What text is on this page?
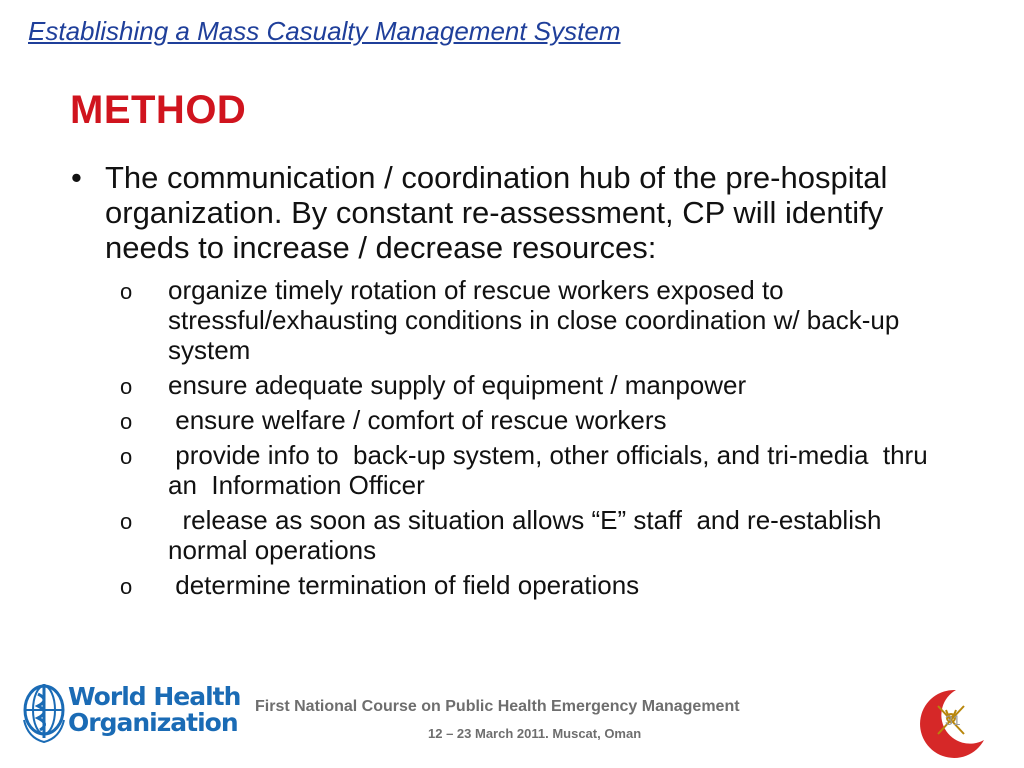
Establishing a Mass Casualty Management System
METHOD
• The communication / coordination hub of the pre-hospital organization. By constant re-assessment, CP will identify needs to increase / decrease resources:
o organize timely rotation of rescue workers exposed to stressful/exhausting conditions in close coordination w/ back-up system
o ensure adequate supply of equipment / manpower
o ensure welfare / comfort of rescue workers
o provide info to  back-up system, other officials, and tri-media  thru  an  Information Officer
o release as soon as situation allows “E” staff  and re-establish normal operations
o determine termination of field operations
World Health
Organization
First National Course on Public Health Emergency Management
12 – 23 March 2011. Muscat, Oman
31
